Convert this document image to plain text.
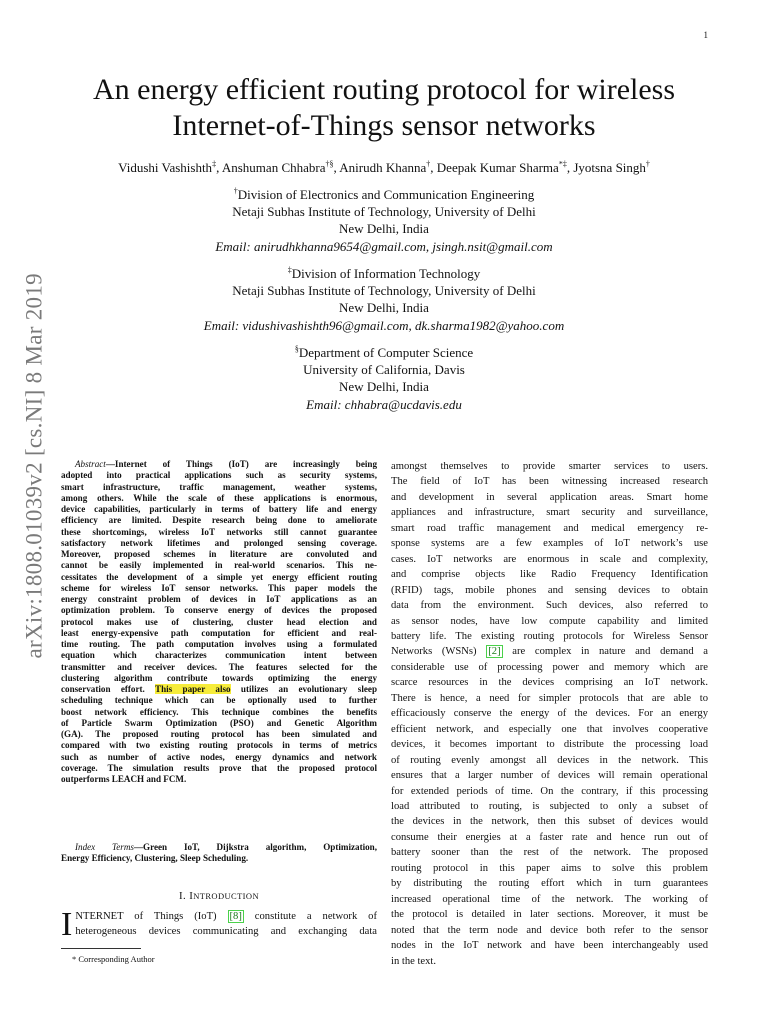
1
arXiv:1808.01039v2 [cs.NI] 8 Mar 2019
An energy efficient routing protocol for wireless
Internet-of-Things sensor networks
Vidushi Vashishth‡, Anshuman Chhabra†§, Anirudh Khanna†, Deepak Kumar Sharma*‡, Jyotsna Singh†
†Division of Electronics and Communication Engineering
Netaji Subhas Institute of Technology, University of Delhi
New Delhi, India
Email: anirudhkhanna9654@gmail.com, jsingh.nsit@gmail.com
‡Division of Information Technology
Netaji Subhas Institute of Technology, University of Delhi
New Delhi, India
Email: vidushivashishth96@gmail.com, dk.sharma1982@yahoo.com
§Department of Computer Science
University of California, Davis
New Delhi, India
Email: chhabra@ucdavis.edu
Abstract—Internet of Things (IoT) are increasingly being
adopted into practical applications such as security systems,
smart infrastructure, traffic management, weather systems,
among others. While the scale of these applications is enormous,
device capabilities, particularly in terms of battery life and energy
efficiency are limited. Despite research being done to ameliorate
these shortcomings, wireless IoT networks still cannot guarantee
satisfactory network lifetimes and prolonged sensing coverage.
Moreover, proposed schemes in literature are convoluted and
cannot be easily implemented in real-world scenarios. This ne-
cessitates the development of a simple yet energy efficient routing
scheme for wireless IoT sensor networks. This paper models the
energy constraint problem of devices in IoT applications as an
optimization problem. To conserve energy of devices the proposed
protocol makes use of clustering, cluster head election and
least energy-expensive path computation for efficient and real-
time routing. The path computation involves using a formulated
equation which characterizes communication intent between
transmitter and receiver devices. The features selected for the
clustering algorithm contribute towards optimizing the energy
conservation effort. This paper also utilizes an evolutionary sleep
scheduling technique which can be optionally used to further
boost network efficiency. This technique combines the benefits
of Particle Swarm Optimization (PSO) and Genetic Algorithm
(GA). The proposed routing protocol has been simulated and
compared with two existing routing protocols in terms of metrics
such as number of active nodes, energy dynamics and network
coverage. The simulation results prove that the proposed protocol
outperforms LEACH and FCM.
Index Terms—Green IoT, Dijkstra algorithm, Optimization,
Energy Efficiency, Clustering, Sleep Scheduling.
I. INTRODUCTION
I NTERNET of Things (IoT) [8] constitute a network of
heterogeneous devices communicating and exchanging data
* Corresponding Author
amongst themselves to provide smarter services to users.
The field of IoT has been witnessing increased research
and development in several application areas. Smart home
appliances and infrastructure, smart security and surveillance,
smart road traffic management and medical emergency re-
sponse systems are a few examples of IoT network’s use
cases. IoT networks are enormous in scale and complexity,
and comprise objects like Radio Frequency Identification
(RFID) tags, mobile phones and sensing devices to obtain
data from the environment. Such devices, also referred to
as sensor nodes, have low compute capability and limited
battery life. The existing routing protocols for Wireless Sensor
Networks (WSNs) [2] are complex in nature and demand a
considerable use of processing power and memory which are
scarce resources in the devices comprising an IoT network.
There is hence, a need for simpler protocols that are able to
efficaciously conserve the energy of the devices. For an energy
efficient network, and especially one that involves cooperative
devices, it becomes important to distribute the processing load
of routing evenly amongst all devices in the network. This
ensures that a larger number of devices will remain operational
for extended periods of time. On the contrary, if this processing
load attributed to routing, is subjected to only a subset of
the devices in the network, then this subset of devices would
consume their energies at a faster rate and hence run out of
battery sooner than the rest of the network. The proposed
routing protocol in this paper aims to solve this problem
by distributing the routing effort which in turn guarantees
increased operational time of the network. The working of
the protocol is detailed in later sections. Moreover, it must be
noted that the term node and device both refer to the sensor
nodes in the IoT network and have been interchangeably used
in the text.
